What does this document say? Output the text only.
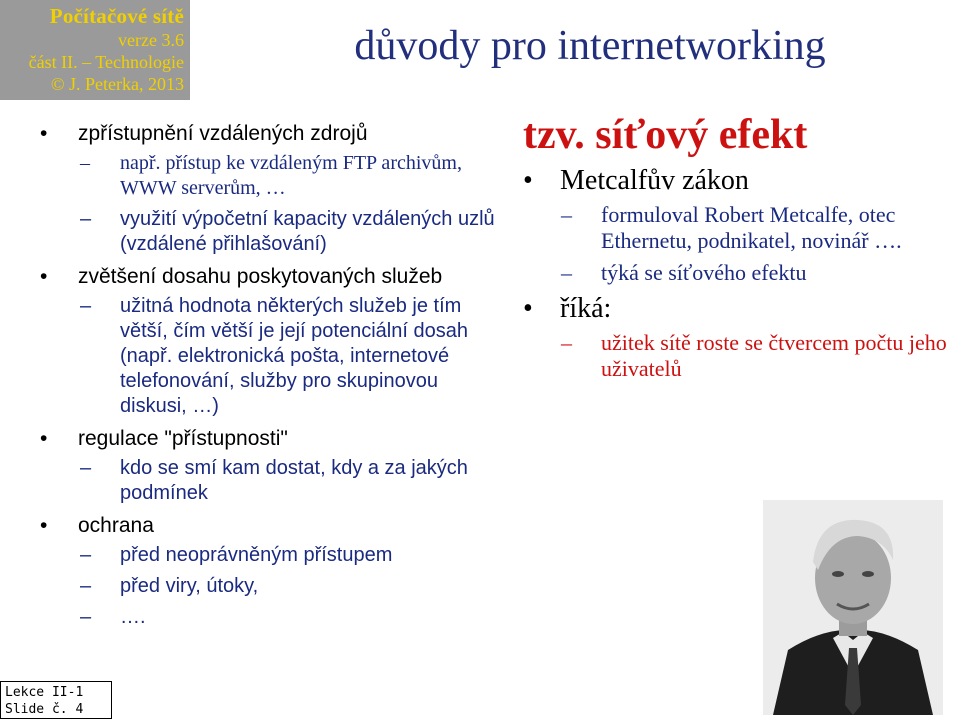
Počítačové sítě
verze 3.6
část II. – Technologie
© J. Peterka, 2013
důvody pro internetworking
• zpřístupnění vzdálených zdrojů
– např. přístup ke vzdáleným FTP archivům, WWW serverům, …
– využití výpočetní kapacity vzdálených uzlů (vzdálené přihlašování)
• zvětšení dosahu poskytovaných služeb
– užitná hodnota některých služeb je tím větší, čím větší je její potenciální dosah (např. elektronická pošta, internetové telefonování, služby pro skupinovou diskusi, …)
• regulace "přístupnosti"
– kdo se smí kam dostat, kdy a za jakých podmínek
• ochrana
– před neoprávněným přístupem
– před viry, útoky,
– ….
tzv. síťový efekt
• Metcalfův zákon
– formuloval Robert Metcalfe, otec Ethernetu, podnikatel, novinář ….
– týká se síťového efektu
• říká:
– užitek sítě roste se čtvercem počtu jeho uživatelů
Lekce II-1
Slide č. 4
